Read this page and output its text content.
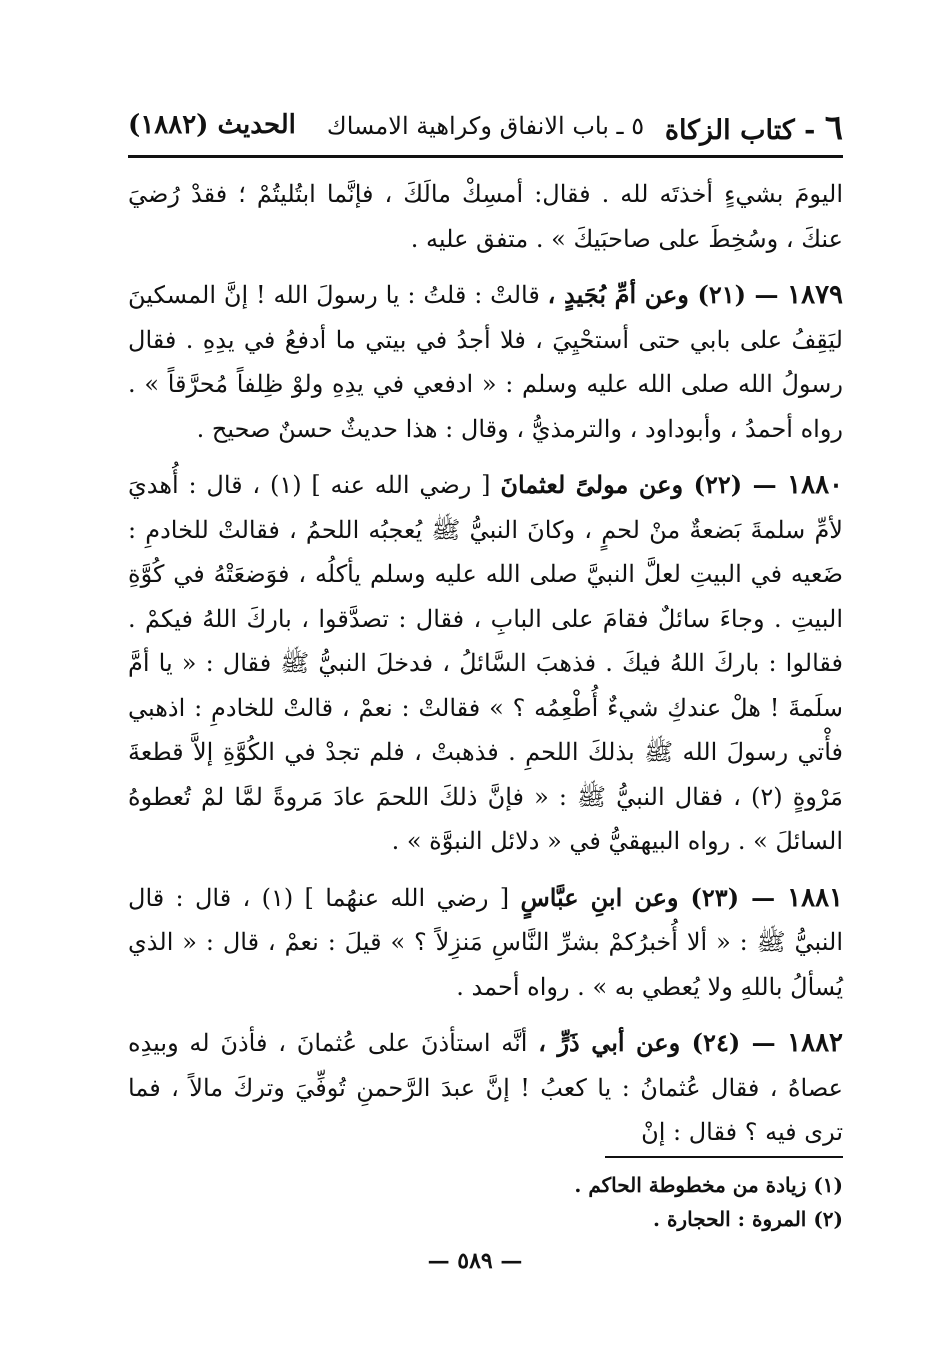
٦ - كتاب الزكاة
٥ ـ باب الانفاق وكراهية الامساك
الحديث (١٨٨٢)

اليومَ بشيءٍ أخذتَه لله . فقال: أمسِكْ مالَكَ ، فإنَّما ابتُليتُمْ ؛ فقدْ رُضيَ عنكَ ، وسُخِطَ على صاحبَيكَ » . متفق عليه .

١٨٧٩ — (٢١) وعن أمِّ بُجَيدٍ ، قالتْ : قلتُ : يا رسولَ الله ! إنَّ المسكينَ ليَقِفُ على بابي حتى أستحْيِيَ ، فلا أجدُ في بيتي ما أدفعُ في يدِهِ . فقال رسولُ الله صلى الله عليه وسلم : « ادفعي في يدِهِ ولوْ ظِلفاً مُحرَّقاً » . رواه أحمدُ ، وأبوداود ، والترمذيُّ ، وقال : هذا حديثٌ حسنٌ صحيح .

١٨٨٠ — (٢٢) وعن مولىً لعثمانَ [ رضي الله عنه ] (١) ، قال : أُهديَ لأمِّ سلمةَ بَضعةٌ منْ لحمٍ ، وكانَ النبيُّ ﷺ يُعجبُه اللحمُ ، فقالتْ للخادمِ : ضَعيه في البيتِ لعلَّ النبيَّ صلى الله عليه وسلم يأكلُه ، فوَضعَتْهُ في كُوَّةِ البيتِ . وجاءَ سائلٌ فقامَ على البابِ ، فقال : تصدَّقوا ، باركَ اللهُ فيكمْ . فقالوا : باركَ اللهُ فيكَ . فذهبَ السَّائلُ ، فدخلَ النبيُّ ﷺ فقال : « يا أمَّ سلَمةَ ! هلْ عندكِ شيءٌ أُطْعِمُه ؟ » فقالتْ : نعمْ ، قالتْ للخادمِ : اذهبي فأْتي رسولَ الله ﷺ بذلكَ اللحمِ . فذهبتْ ، فلم تجدْ في الكُوَّةِ إلاَّ قطعةَ مَرْوةٍ (٢) ، فقال النبيُّ ﷺ : « فإنَّ ذلكَ اللحمَ عادَ مَروةً لمَّا لمْ تُعطوهُ السائلَ » . رواه البيهقيُّ في « دلائل النبوَّة » .

١٨٨١ — (٢٣) وعن ابنِ عبَّاسٍ [ رضي الله عنهُما ] (١) ، قال : قال النبيُّ ﷺ : « ألا أُخبرُكمْ بشرِّ النَّاسِ مَنزِلاً ؟ » قيلَ : نعمْ ، قال : « الذي يُسألُ باللهِ ولا يُعطي به » . رواه أحمد .

١٨٨٢ — (٢٤) وعن أبي ذَرٍّ ، أنَّه استأذنَ على عُثمانَ ، فأذنَ له وبيدِه عصاهُ ، فقال عُثمانُ : يا كعبُ ! إنَّ عبدَ الرَّحمنِ تُوفِّيَ وتركَ مالاً ، فما ترى فيه ؟ فقال : إنْ

(١) زيادة من مخطوطة الحاكم .
(٢) المروة : الحجارة .
— ٥٨٩ —
